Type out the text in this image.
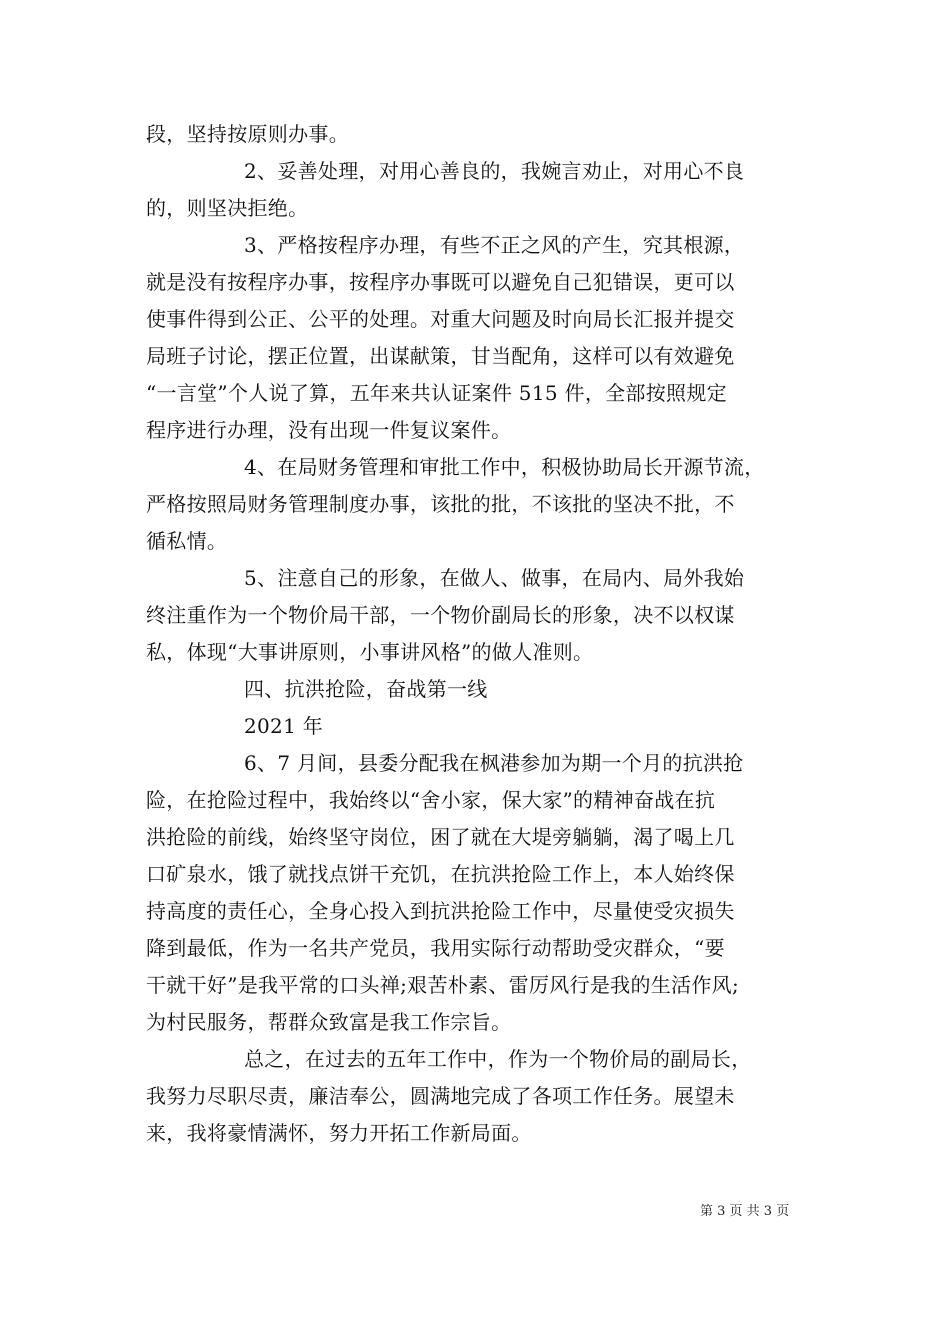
段，坚持按原则办事。
2、妥善处理，对用心善良的，我婉言劝止，对用心不良
的，则坚决拒绝。
3、严格按程序办理，有些不正之风的产生，究其根源，
就是没有按程序办事，按程序办事既可以避免自己犯错误，更可以
使事件得到公正、公平的处理。对重大问题及时向局长汇报并提交
局班子讨论，摆正位置，出谋献策，甘当配角，这样可以有效避免
“一言堂”个人说了算，五年来共认证案件 515 件，全部按照规定
程序进行办理，没有出现一件复议案件。
4、在局财务管理和审批工作中，积极协助局长开源节流，
严格按照局财务管理制度办事，该批的批，不该批的坚决不批，不
循私情。
5、注意自己的形象，在做人、做事，在局内、局外我始
终注重作为一个物价局干部，一个物价副局长的形象，决不以权谋
私，体现“大事讲原则，小事讲风格”的做人准则。
四、抗洪抢险，奋战第一线
2021 年
6、7 月间，县委分配我在枫港参加为期一个月的抗洪抢
险，在抢险过程中，我始终以“舍小家，保大家”的精神奋战在抗
洪抢险的前线，始终坚守岗位，困了就在大堤旁躺躺，渴了喝上几
口矿泉水，饿了就找点饼干充饥，在抗洪抢险工作上，本人始终保
持高度的责任心，全身心投入到抗洪抢险工作中，尽量使受灾损失
降到最低，作为一名共产党员，我用实际行动帮助受灾群众，“要
干就干好”是我平常的口头禅;艰苦朴素、雷厉风行是我的生活作风;
为村民服务，帮群众致富是我工作宗旨。
总之，在过去的五年工作中，作为一个物价局的副局长，
我努力尽职尽责，廉洁奉公，圆满地完成了各项工作任务。展望未
来，我将豪情满怀，努力开拓工作新局面。
第 3 页 共 3 页
